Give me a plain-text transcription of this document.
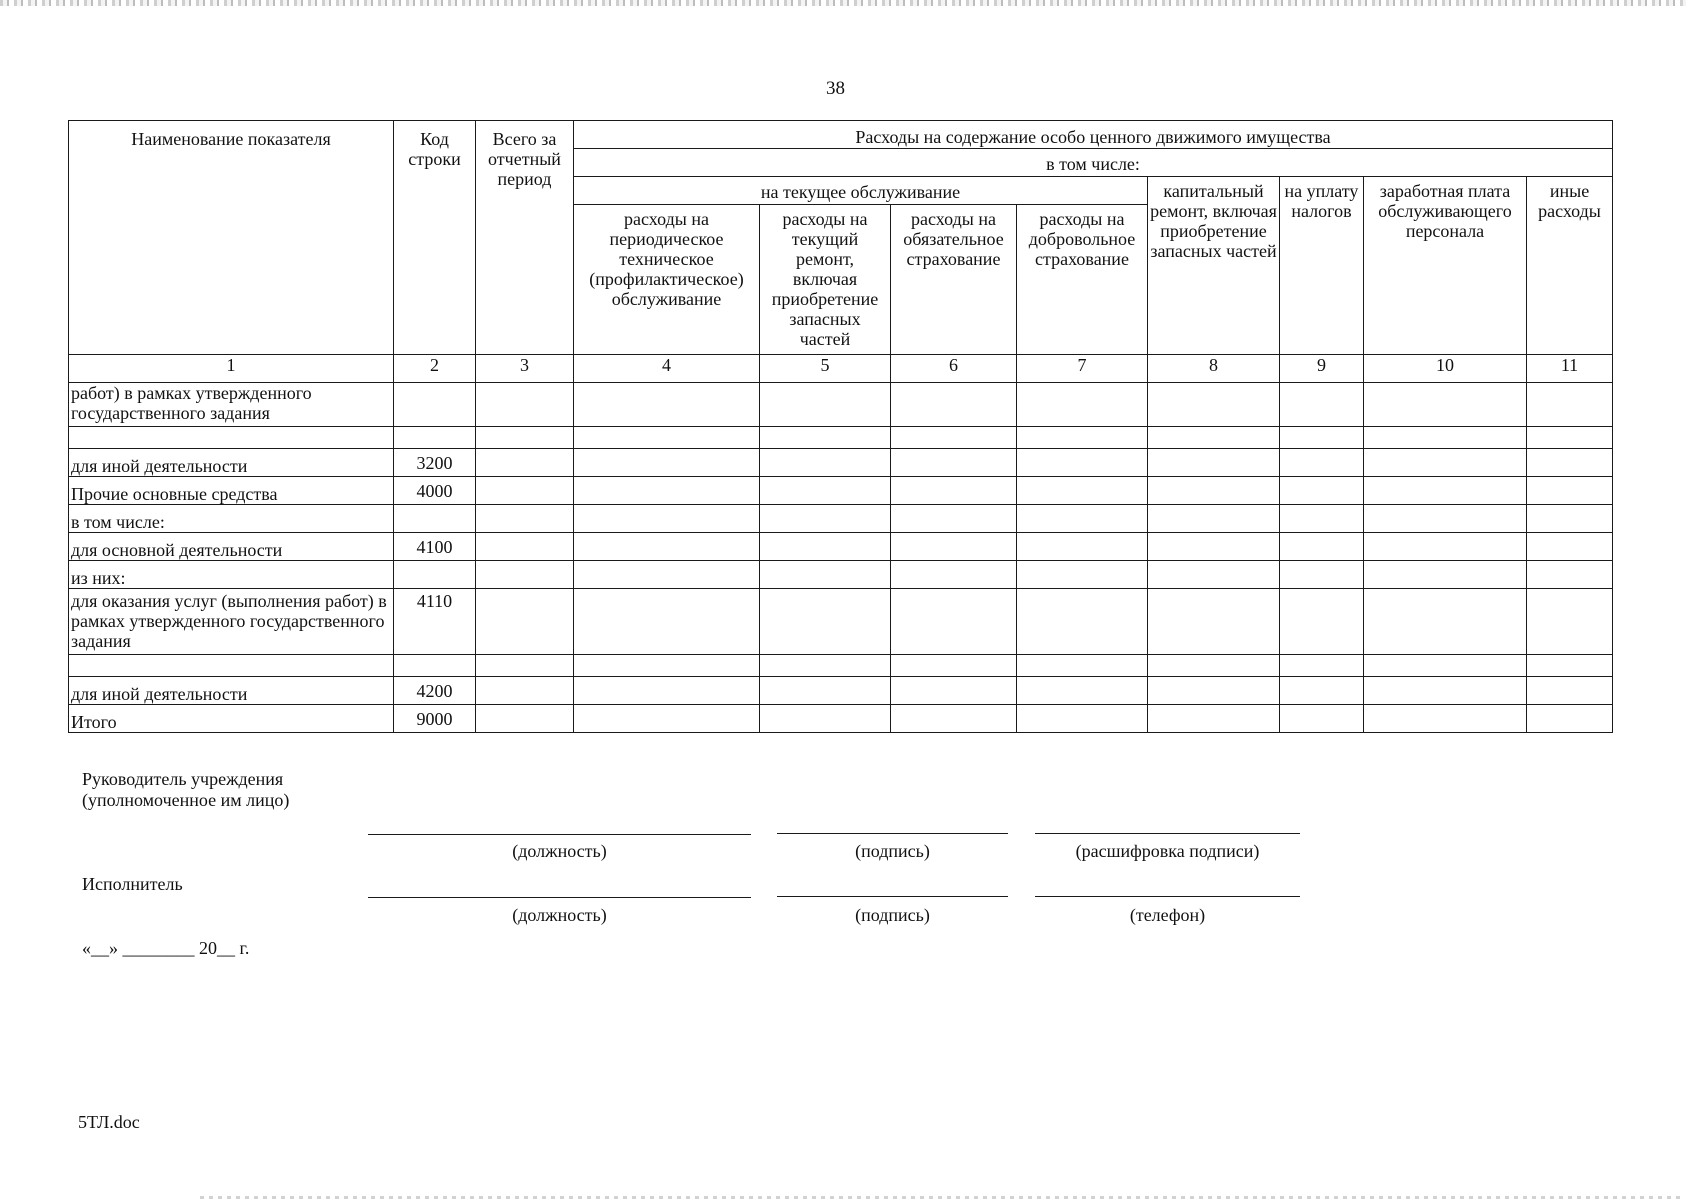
38
Наименование показателя	Код строки	Всего за отчетный период	Расходы на содержание особо ценного движимого имущества							
			в том числе:							
			на текущее обслуживание				капитальный ремонт, включая приобретение запасных частей	на уплату налогов	заработная плата обслуживающего персонала	иные расходы
			расходы на периодическое техническое (профилактическое) обслуживание	расходы на текущий ремонт, включая приобретение запасных частей	расходы на обязательное страхование	расходы на добровольное страхование				
1	2	3	4	5	6	7	8	9	10	11
работ) в рамках утвержденного государственного задания										

для иной деятельности	3200									
Прочие основные средства	4000									
в том числе:										
для основной деятельности	4100									
из них:										
для оказания услуг (выполнения работ) в рамках утвержденного государственного задания	4110									

для иной деятельности	4200									
Итого	9000									
Руководитель учреждения (уполномоченное им лицо)
(должность)	(подпись)	(расшифровка подписи)
Исполнитель
(должность)	(подпись)	(телефон)
«__» ________ 20__ г.
5ТЛ.doc
